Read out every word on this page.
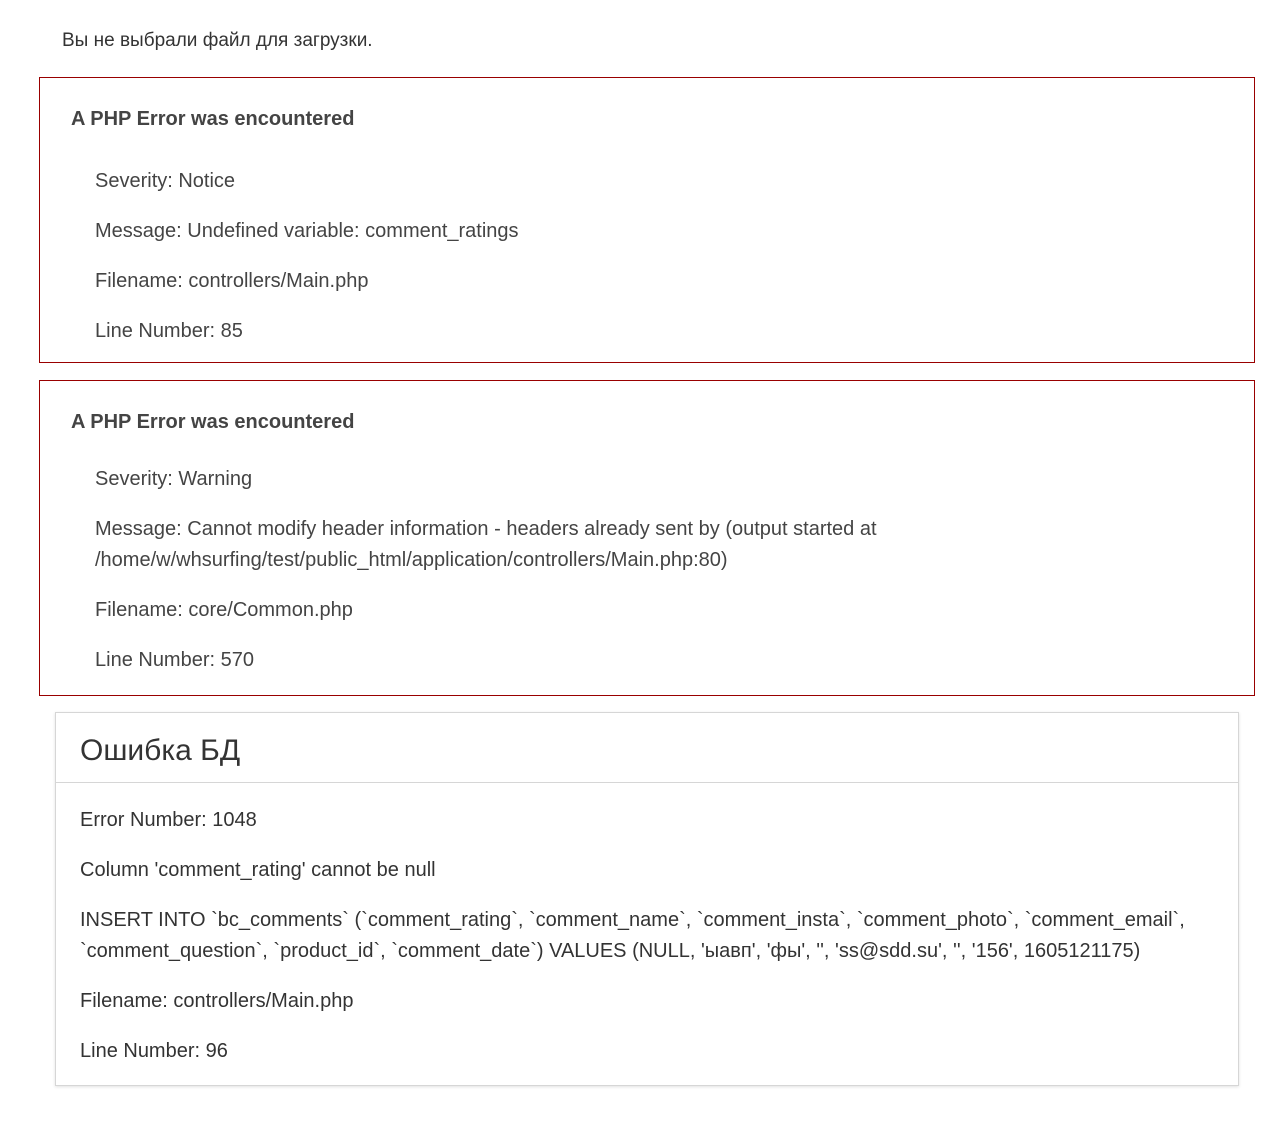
Вы не выбрали файл для загрузки.

A PHP Error was encountered

Severity: Notice

Message: Undefined variable: comment_ratings

Filename: controllers/Main.php

Line Number: 85

A PHP Error was encountered

Severity: Warning

Message: Cannot modify header information - headers already sent by (output started at
/home/w/whsurfing/test/public_html/application/controllers/Main.php:80)

Filename: core/Common.php

Line Number: 570

Ошибка БД

Error Number: 1048

Column 'comment_rating' cannot be null

INSERT INTO `bc_comments` (`comment_rating`, `comment_name`, `comment_insta`, `comment_photo`, `comment_email`,
`comment_question`, `product_id`, `comment_date`) VALUES (NULL, 'ыавп', 'фы', '', 'ss@sdd.su', '', '156', 1605121175)

Filename: controllers/Main.php

Line Number: 96
